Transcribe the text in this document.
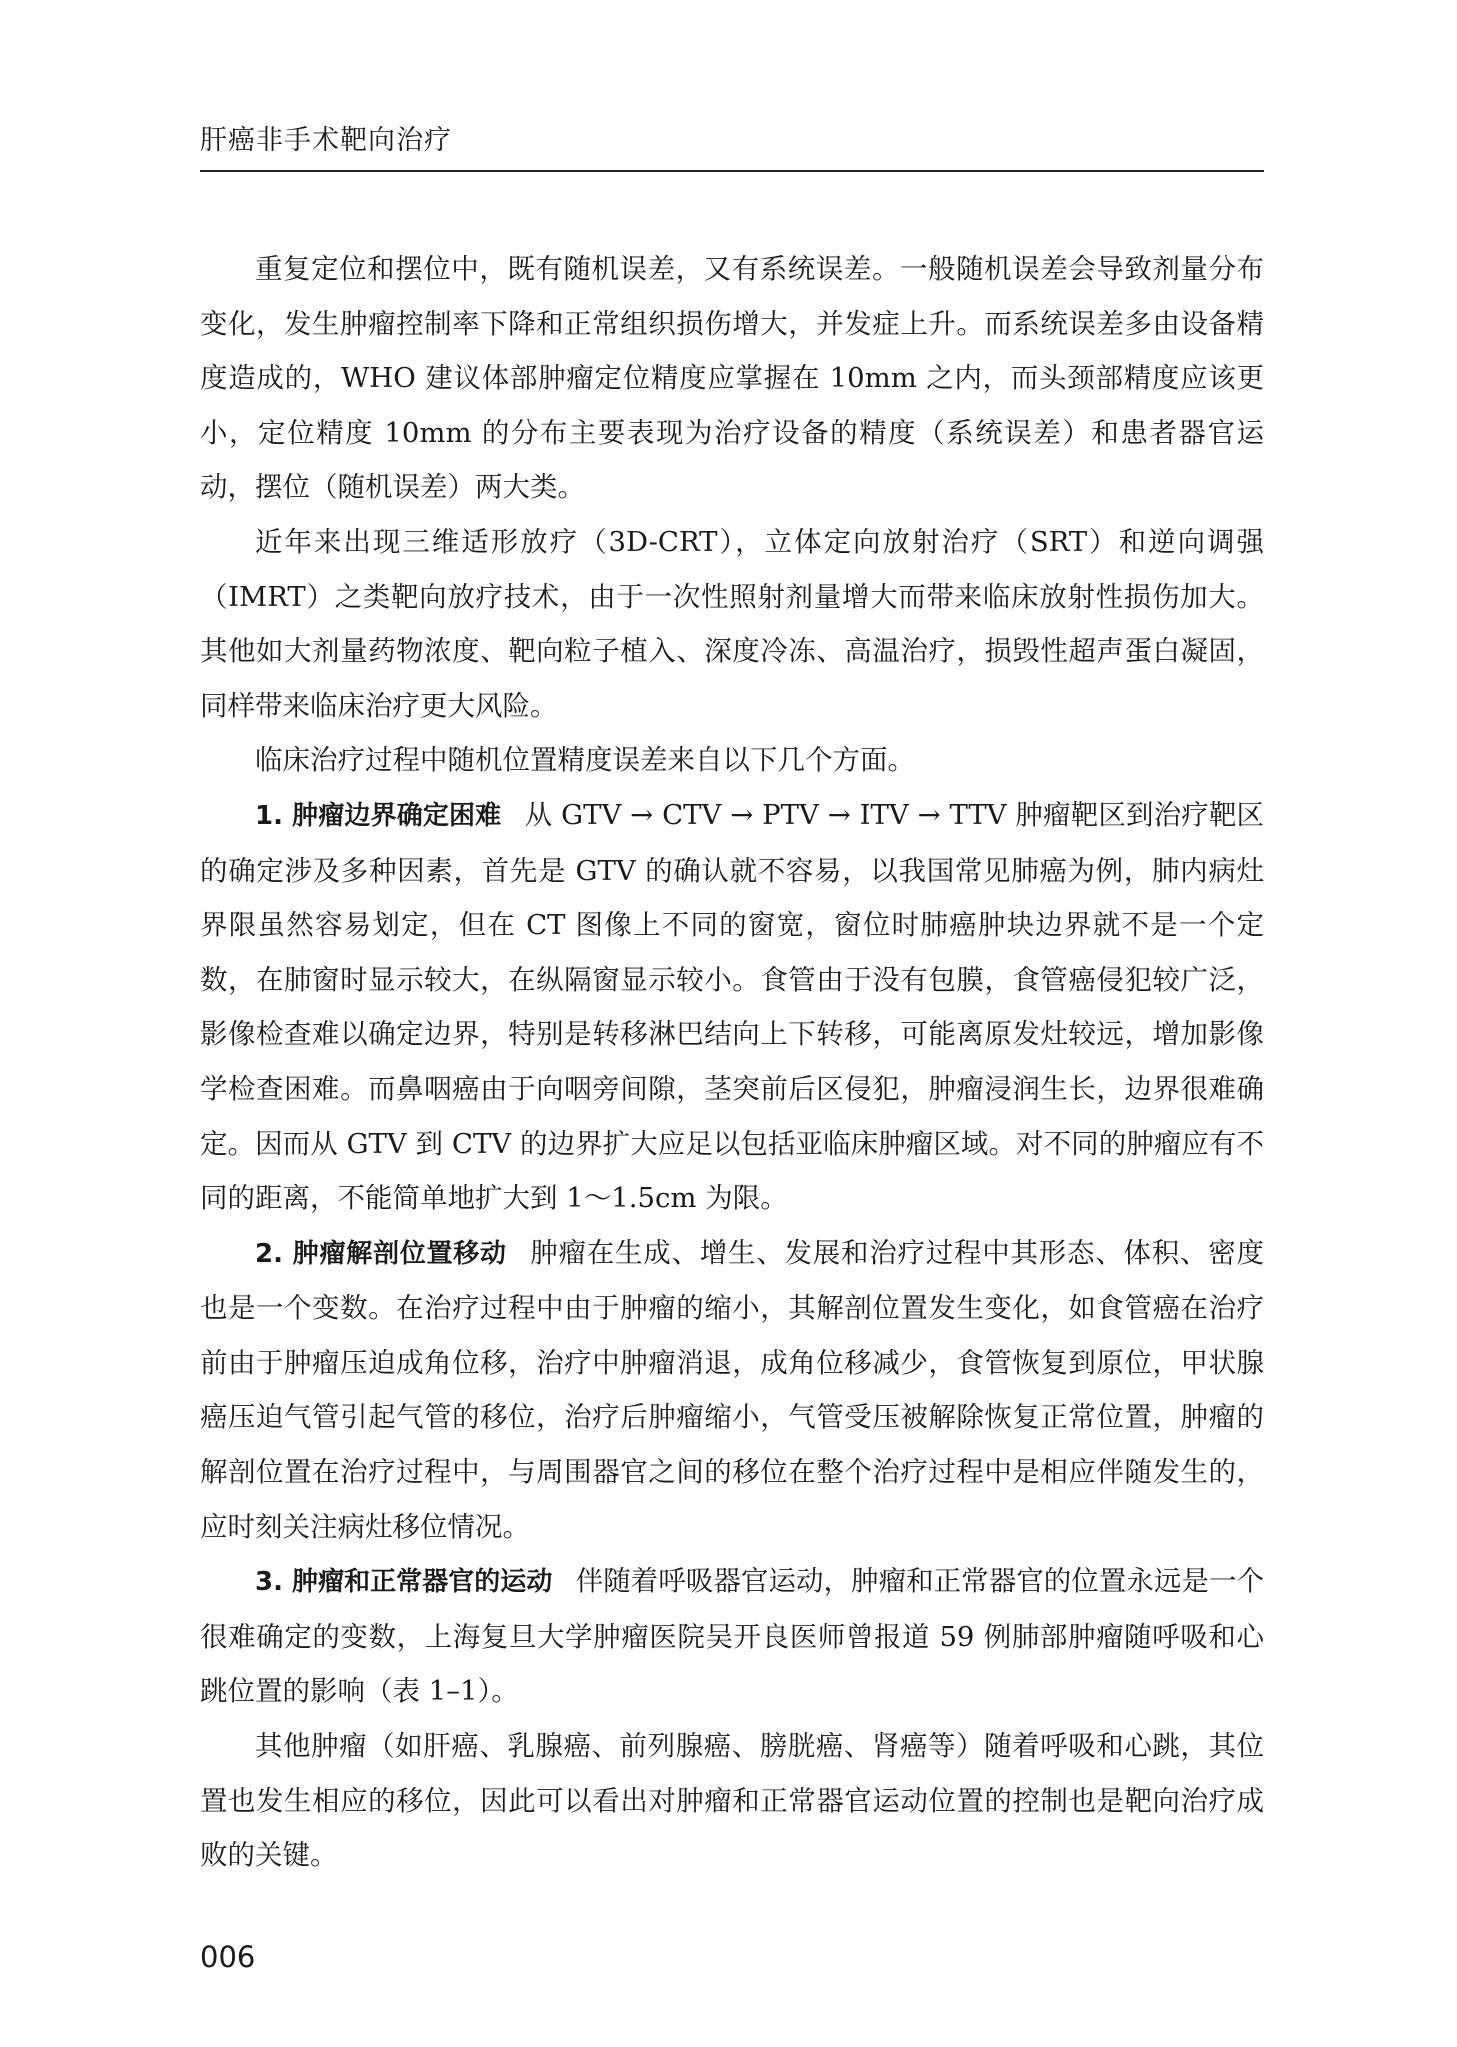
肝癌非手术靶向治疗

重复定位和摆位中，既有随机误差，又有系统误差。一般随机误差会导致剂量分布变化，发生肿瘤控制率下降和正常组织损伤增大，并发症上升。而系统误差多由设备精度造成的，WHO 建议体部肿瘤定位精度应掌握在 10mm 之内，而头颈部精度应该更小，定位精度 10mm 的分布主要表现为治疗设备的精度（系统误差）和患者器官运动，摆位（随机误差）两大类。

近年来出现三维适形放疗（3D-CRT），立体定向放射治疗（SRT）和逆向调强（IMRT）之类靶向放疗技术，由于一次性照射剂量增大而带来临床放射性损伤加大。其他如大剂量药物浓度、靶向粒子植入、深度冷冻、高温治疗，损毁性超声蛋白凝固，同样带来临床治疗更大风险。

临床治疗过程中随机位置精度误差来自以下几个方面。

1. 肿瘤边界确定困难 从 GTV → CTV → PTV → ITV → TTV 肿瘤靶区到治疗靶区的确定涉及多种因素，首先是 GTV 的确认就不容易，以我国常见肺癌为例，肺内病灶界限虽然容易划定，但在 CT 图像上不同的窗宽，窗位时肺癌肿块边界就不是一个定数，在肺窗时显示较大，在纵隔窗显示较小。食管由于没有包膜，食管癌侵犯较广泛，影像检查难以确定边界，特别是转移淋巴结向上下转移，可能离原发灶较远，增加影像学检查困难。而鼻咽癌由于向咽旁间隙，茎突前后区侵犯，肿瘤浸润生长，边界很难确定。因而从 GTV 到 CTV 的边界扩大应足以包括亚临床肿瘤区域。对不同的肿瘤应有不同的距离，不能简单地扩大到 1～1.5cm 为限。

2. 肿瘤解剖位置移动 肿瘤在生成、增生、发展和治疗过程中其形态、体积、密度也是一个变数。在治疗过程中由于肿瘤的缩小，其解剖位置发生变化，如食管癌在治疗前由于肿瘤压迫成角位移，治疗中肿瘤消退，成角位移减少，食管恢复到原位，甲状腺癌压迫气管引起气管的移位，治疗后肿瘤缩小，气管受压被解除恢复正常位置，肿瘤的解剖位置在治疗过程中，与周围器官之间的移位在整个治疗过程中是相应伴随发生的，应时刻关注病灶移位情况。

3. 肿瘤和正常器官的运动 伴随着呼吸器官运动，肿瘤和正常器官的位置永远是一个很难确定的变数，上海复旦大学肿瘤医院吴开良医师曾报道 59 例肺部肿瘤随呼吸和心跳位置的影响（表 1–1）。

其他肿瘤（如肝癌、乳腺癌、前列腺癌、膀胱癌、肾癌等）随着呼吸和心跳，其位置也发生相应的移位，因此可以看出对肿瘤和正常器官运动位置的控制也是靶向治疗成败的关键。

006
